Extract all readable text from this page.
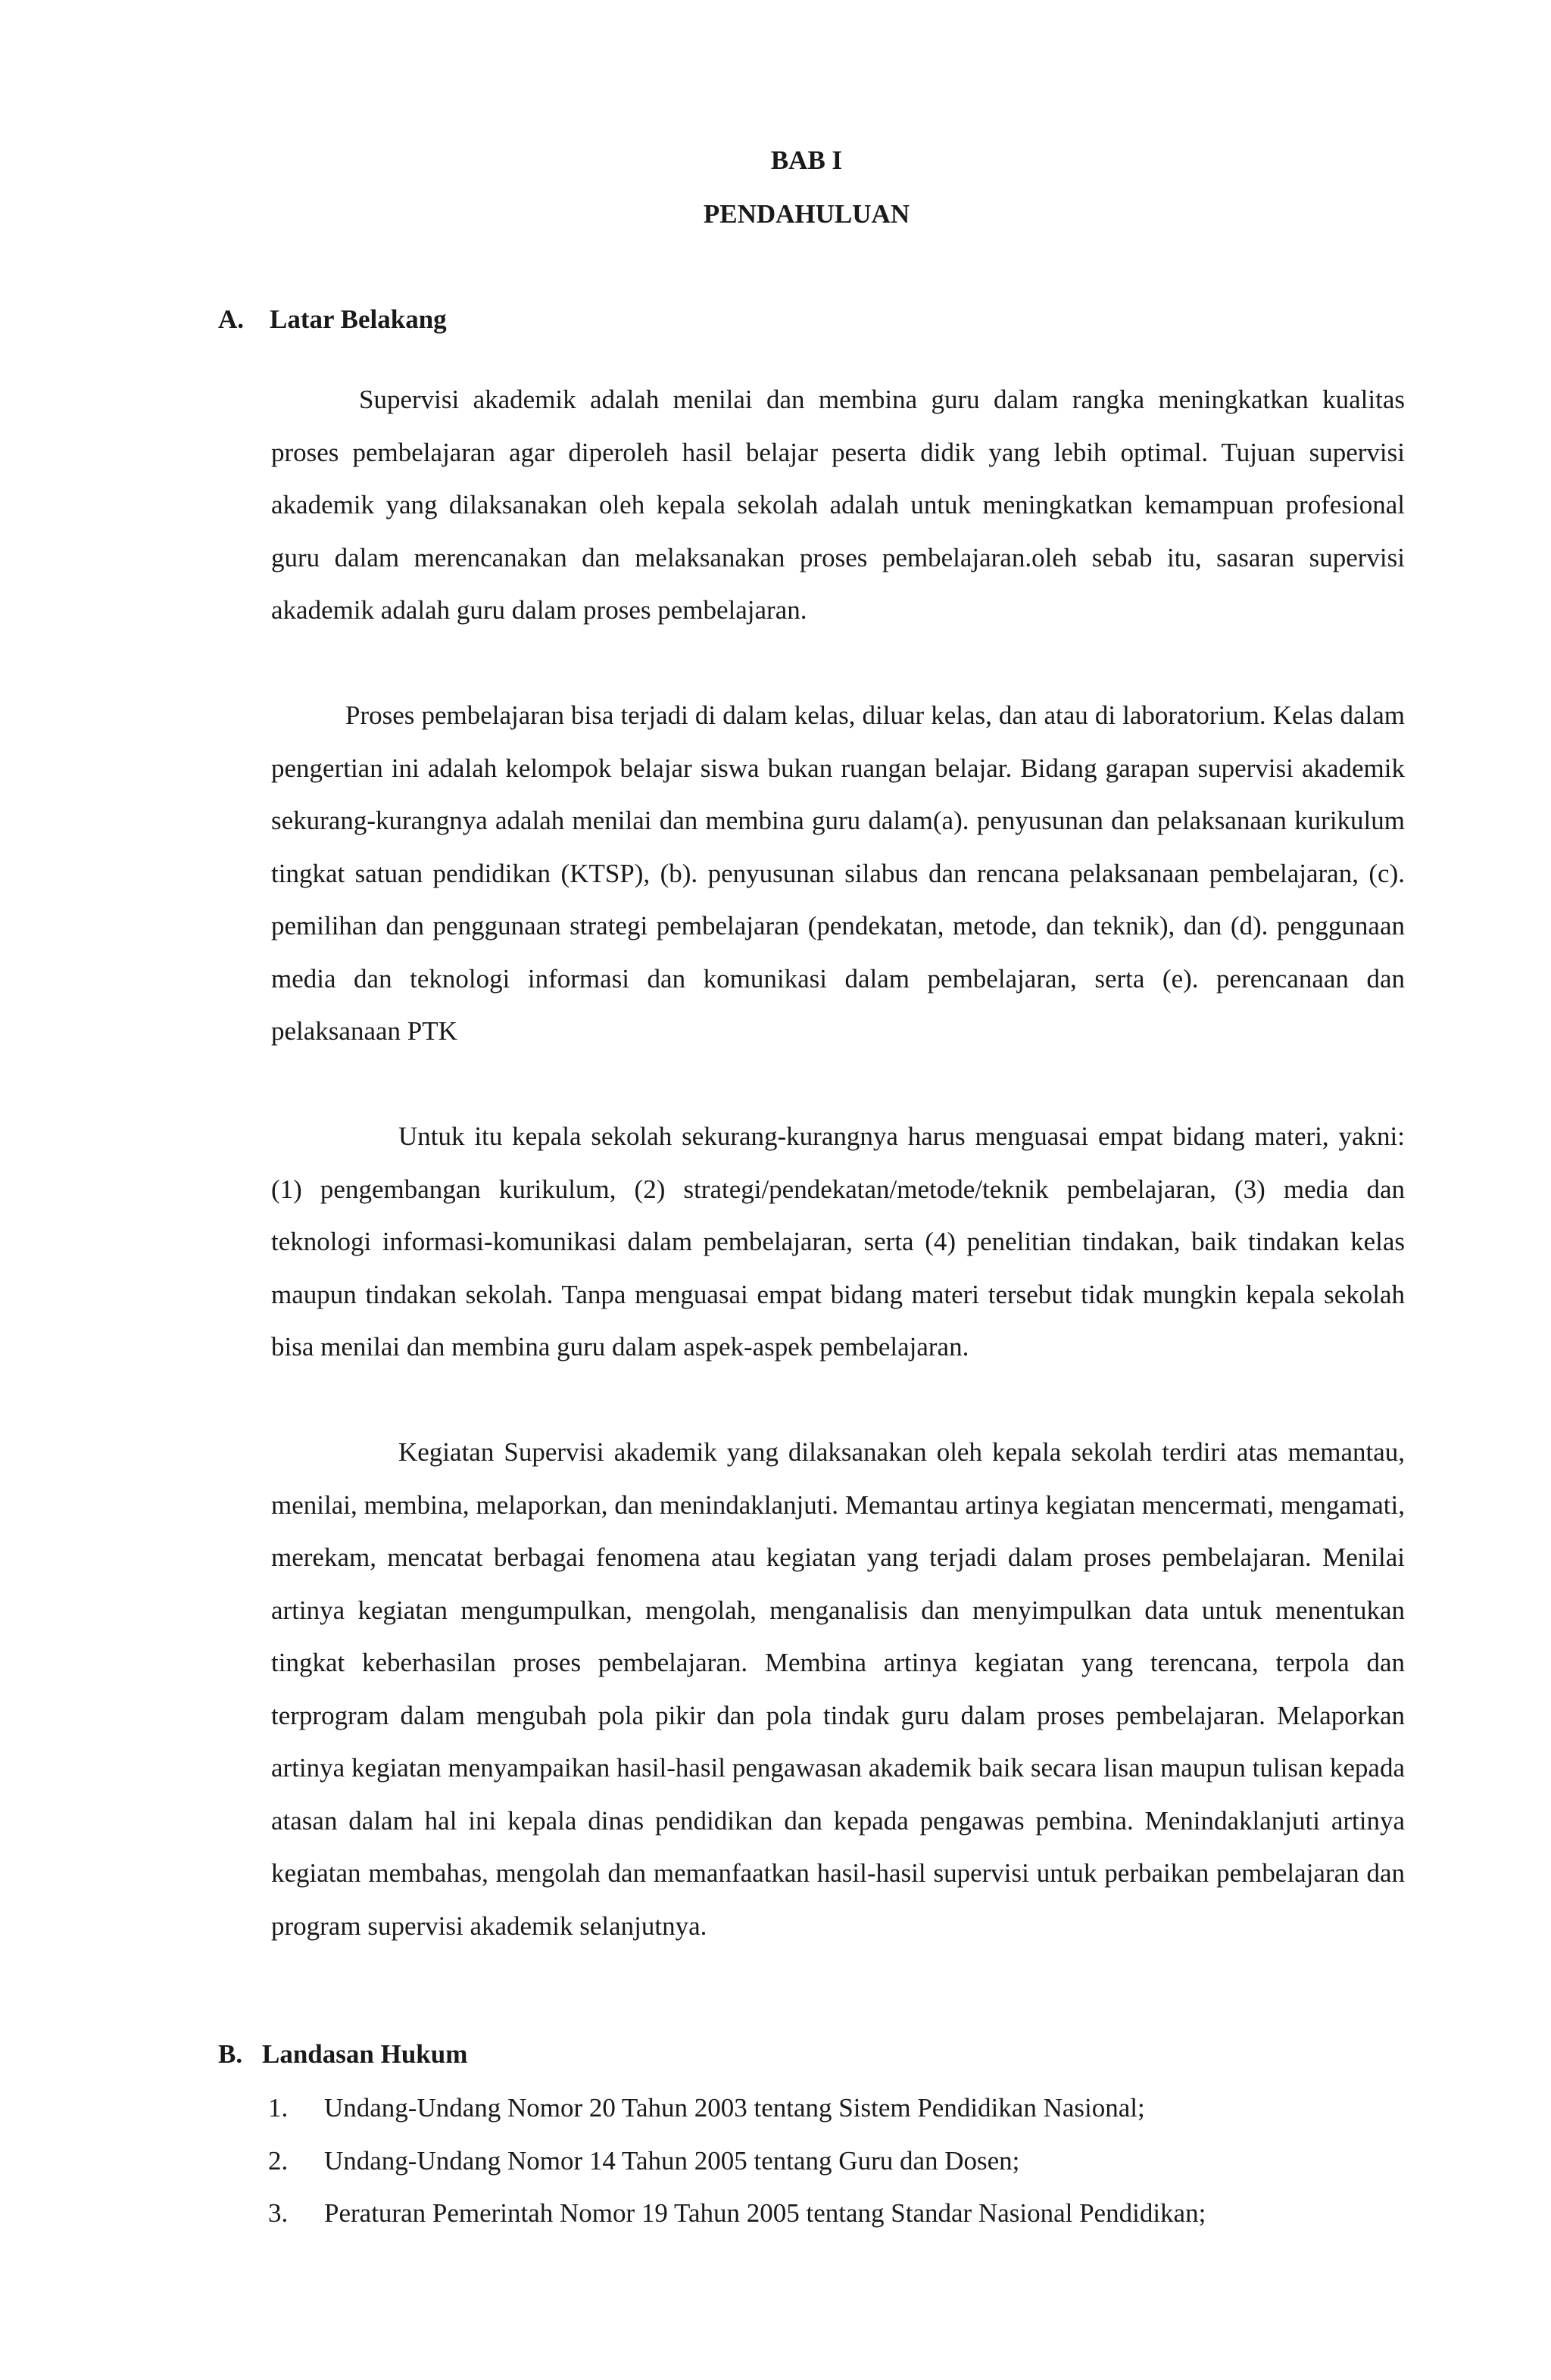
BAB I
PENDAHULUAN
A. Latar Belakang

Supervisi akademik adalah menilai dan membina guru dalam rangka meningkatkan kualitas proses pembelajaran agar diperoleh hasil belajar peserta didik yang lebih optimal. Tujuan supervisi akademik yang dilaksanakan oleh kepala sekolah adalah untuk meningkatkan kemampuan profesional guru dalam merencanakan dan melaksanakan proses pembelajaran.oleh sebab itu, sasaran supervisi akademik adalah guru dalam proses pembelajaran.

Proses pembelajaran bisa terjadi di dalam kelas, diluar kelas, dan atau di laboratorium. Kelas dalam pengertian ini adalah kelompok belajar siswa bukan ruangan belajar. Bidang garapan supervisi akademik sekurang-kurangnya adalah menilai dan membina guru dalam(a). penyusunan dan pelaksanaan kurikulum tingkat satuan pendidikan (KTSP), (b). penyusunan silabus dan rencana pelaksanaan pembelajaran, (c). pemilihan dan penggunaan strategi pembelajaran (pendekatan, metode, dan teknik), dan (d). penggunaan media dan teknologi informasi dan komunikasi dalam pembelajaran, serta (e). perencanaan dan pelaksanaan PTK

Untuk itu kepala sekolah sekurang-kurangnya harus menguasai empat bidang materi, yakni: (1) pengembangan kurikulum, (2) strategi/pendekatan/metode/teknik pembelajaran, (3) media dan teknologi informasi-komunikasi dalam pembelajaran, serta (4) penelitian tindakan, baik tindakan kelas maupun tindakan sekolah. Tanpa menguasai empat bidang materi tersebut tidak mungkin kepala sekolah bisa menilai dan membina guru dalam aspek-aspek pembelajaran.

Kegiatan Supervisi akademik yang dilaksanakan oleh kepala sekolah terdiri atas memantau, menilai, membina, melaporkan, dan menindaklanjuti. Memantau artinya kegiatan mencermati, mengamati, merekam, mencatat berbagai fenomena atau kegiatan yang terjadi dalam proses pembelajaran. Menilai artinya kegiatan mengumpulkan, mengolah, menganalisis dan menyimpulkan data untuk menentukan tingkat keberhasilan proses pembelajaran. Membina artinya kegiatan yang terencana, terpola dan terprogram dalam mengubah pola pikir dan pola tindak guru dalam proses pembelajaran. Melaporkan artinya kegiatan menyampaikan hasil-hasil pengawasan akademik baik secara lisan maupun tulisan kepada atasan dalam hal ini kepala dinas pendidikan dan kepada pengawas pembina. Menindaklanjuti artinya kegiatan membahas, mengolah dan memanfaatkan hasil-hasil supervisi untuk perbaikan pembelajaran dan program supervisi akademik selanjutnya.

B. Landasan Hukum
1.	Undang-Undang Nomor 20 Tahun 2003 tentang Sistem Pendidikan Nasional;
2.	Undang-Undang Nomor 14 Tahun 2005 tentang Guru dan Dosen;
3.	Peraturan Pemerintah Nomor 19 Tahun 2005 tentang Standar Nasional Pendidikan;
